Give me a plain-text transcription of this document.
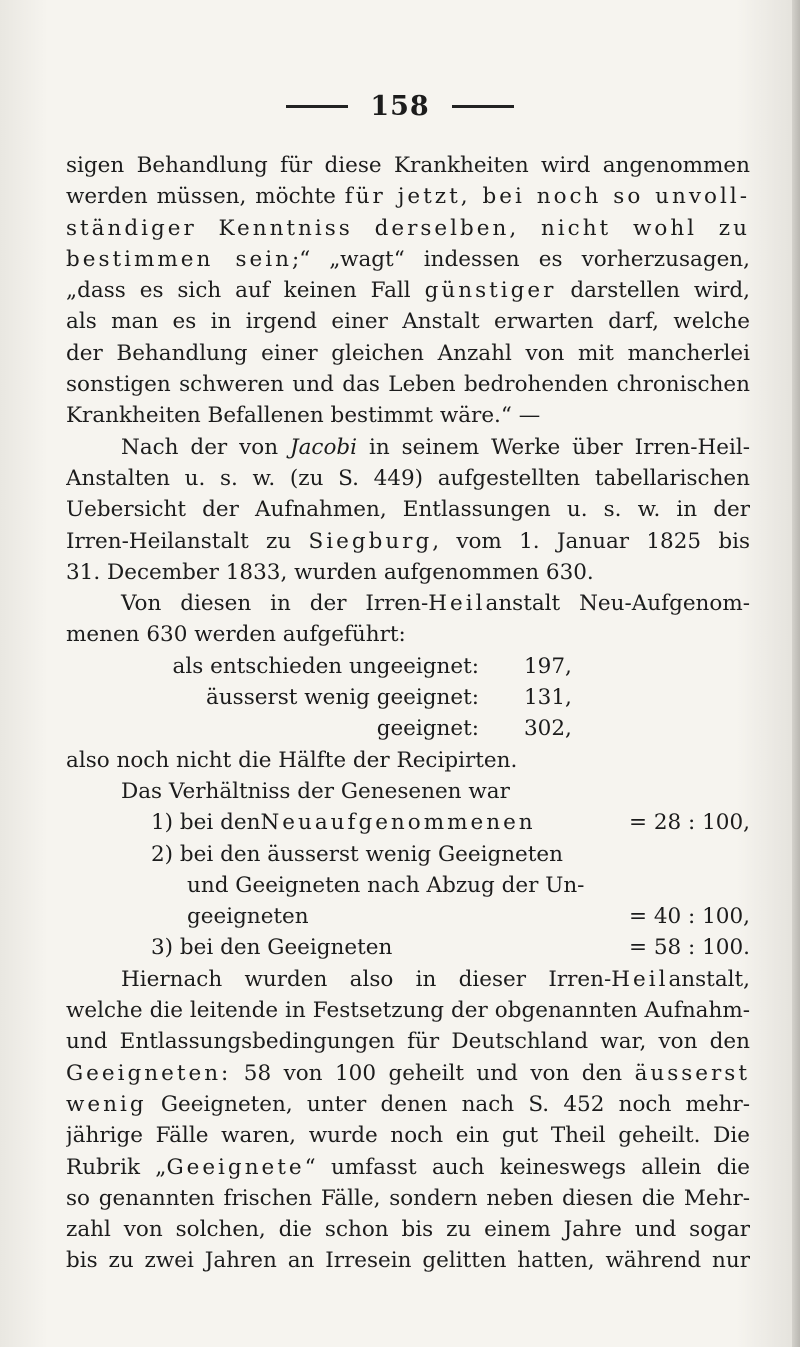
158
sigen Behandlung für diese Krankheiten wird angenommen
werden müssen, möchte für jetzt, bei noch so unvoll-
ständiger Kenntniss derselben, nicht wohl zu
bestimmen sein;“ „wagt“ indessen es vorherzusagen,
„dass es sich auf keinen Fall günstiger darstellen wird,
als man es in irgend einer Anstalt erwarten darf, welche
der Behandlung einer gleichen Anzahl von mit mancherlei
sonstigen schweren und das Leben bedrohenden chronischen
Krankheiten Befallenen bestimmt wäre.“ —
Nach der von Jacobi in seinem Werke über Irren-Heil-
Anstalten u. s. w. (zu S. 449) aufgestellten tabellarischen
Uebersicht der Aufnahmen, Entlassungen u. s. w. in der
Irren-Heilanstalt zu Siegburg, vom 1. Januar 1825 bis
31. December 1833, wurden aufgenommen 630.
Von diesen in der Irren-Heilanstalt Neu-Aufgenom-
menen 630 werden aufgeführt:
als entschieden ungeeignet: 197,
äusserst wenig geeignet: 131,
geeignet: 302,
also noch nicht die Hälfte der Recipirten.
Das Verhältniss der Genesenen war
1) bei den Neuaufgenommenen	= 28 : 100,
2) bei den äusserst wenig Geeigneten
und Geeigneten nach Abzug der Un-
geeigneten	= 40 : 100,
3) bei den Geeigneten	= 58 : 100.
Hiernach wurden also in dieser Irren-Heilanstalt,
welche die leitende in Festsetzung der obgenannten Aufnahm-
und Entlassungsbedingungen für Deutschland war, von den
Geeigneten: 58 von 100 geheilt und von den äusserst
wenig Geeigneten, unter denen nach S. 452 noch mehr-
jährige Fälle waren, wurde noch ein gut Theil geheilt. Die
Rubrik „Geeignete“ umfasst auch keineswegs allein die
so genannten frischen Fälle, sondern neben diesen die Mehr-
zahl von solchen, die schon bis zu einem Jahre und sogar
bis zu zwei Jahren an Irresein gelitten hatten, während nur
